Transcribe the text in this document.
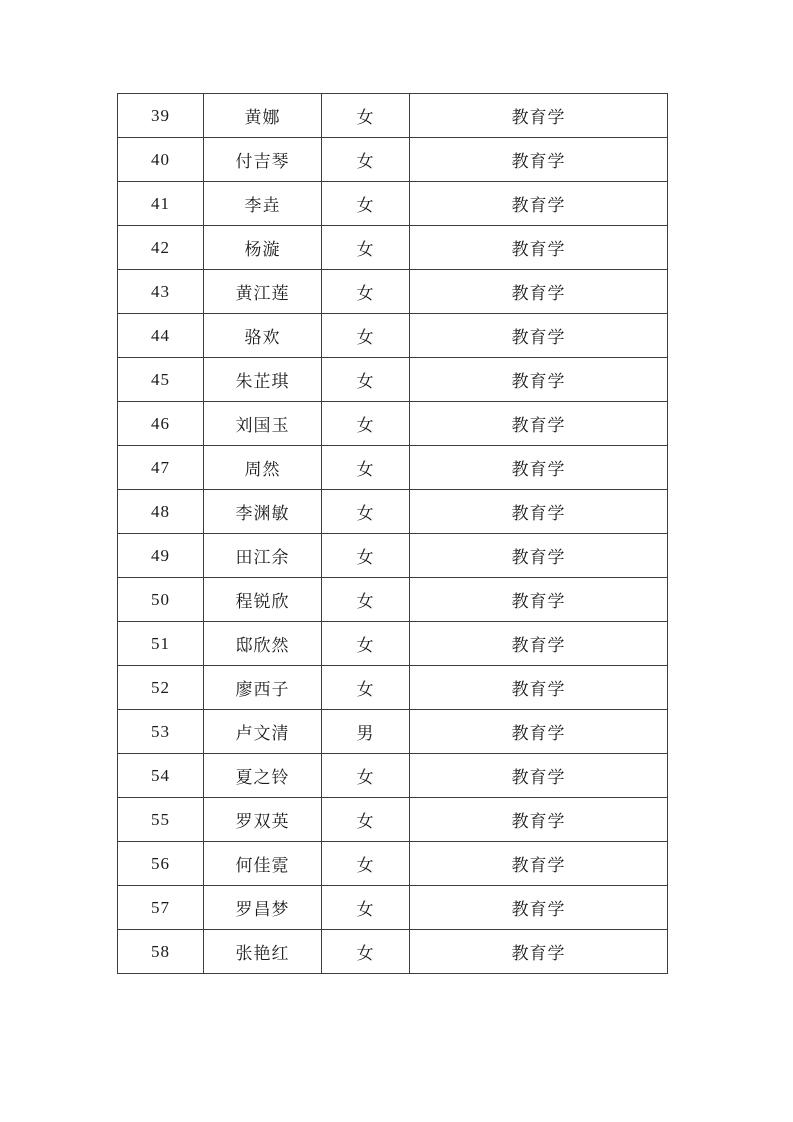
39	黄娜	女	教育学
40	付吉琴	女	教育学
41	李垚	女	教育学
42	杨漩	女	教育学
43	黄江莲	女	教育学
44	骆欢	女	教育学
45	朱芷琪	女	教育学
46	刘国玉	女	教育学
47	周然	女	教育学
48	李渊敏	女	教育学
49	田江余	女	教育学
50	程锐欣	女	教育学
51	邸欣然	女	教育学
52	廖西子	女	教育学
53	卢文清	男	教育学
54	夏之铃	女	教育学
55	罗双英	女	教育学
56	何佳霓	女	教育学
57	罗昌梦	女	教育学
58	张艳红	女	教育学
